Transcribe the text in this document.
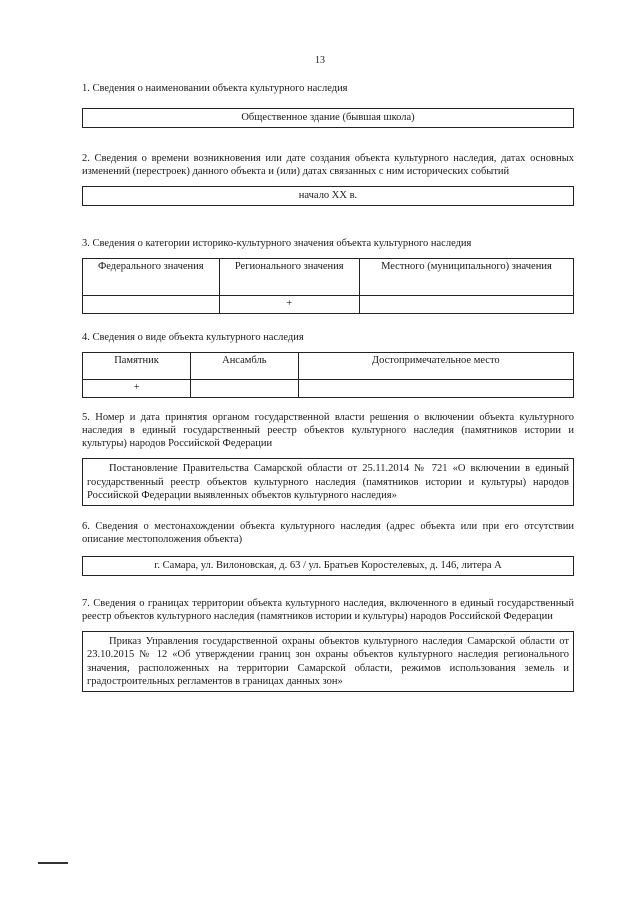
13
1. Сведения о наименовании объекта культурного наследия
Общественное здание (бывшая школа)
2. Сведения о времени возникновения или дате создания объекта культурного наследия, датах основных изменений (перестроек) данного объекта и (или) датах связанных с ним исторических событий
начало XX в.
3. Сведения о категории историко-культурного значения объекта культурного наследия
Федерального значения	Регионального значения	Местного (муниципального) значения
	+	
4. Сведения о виде объекта культурного наследия
Памятник	Ансамбль	Достопримечательное место
+		
5. Номер и дата принятия органом государственной власти решения о включении объекта культурного наследия в единый государственный реестр объектов культурного наследия (памятников истории и культуры) народов Российской Федерации
Постановление Правительства Самарской области от 25.11.2014 № 721 «О включении в единый государственный реестр объектов культурного наследия (памятников истории и культуры) народов Российской Федерации выявленных объектов культурного наследия»
6. Сведения о местонахождении объекта культурного наследия (адрес объекта или при его отсутствии описание местоположения объекта)
г. Самара, ул. Вилоновская, д. 63 / ул. Братьев Коростелевых, д. 146, литера А
7. Сведения о границах территории объекта культурного наследия, включенного в единый государственный реестр объектов культурного наследия (памятников истории и культуры) народов Российской Федерации
Приказ Управления государственной охраны объектов культурного наследия Самарской области от 23.10.2015 № 12 «Об утверждении границ зон охраны объектов культурного наследия регионального значения, расположенных на территории Самарской области, режимов использования земель и градостроительных регламентов в границах данных зон»
